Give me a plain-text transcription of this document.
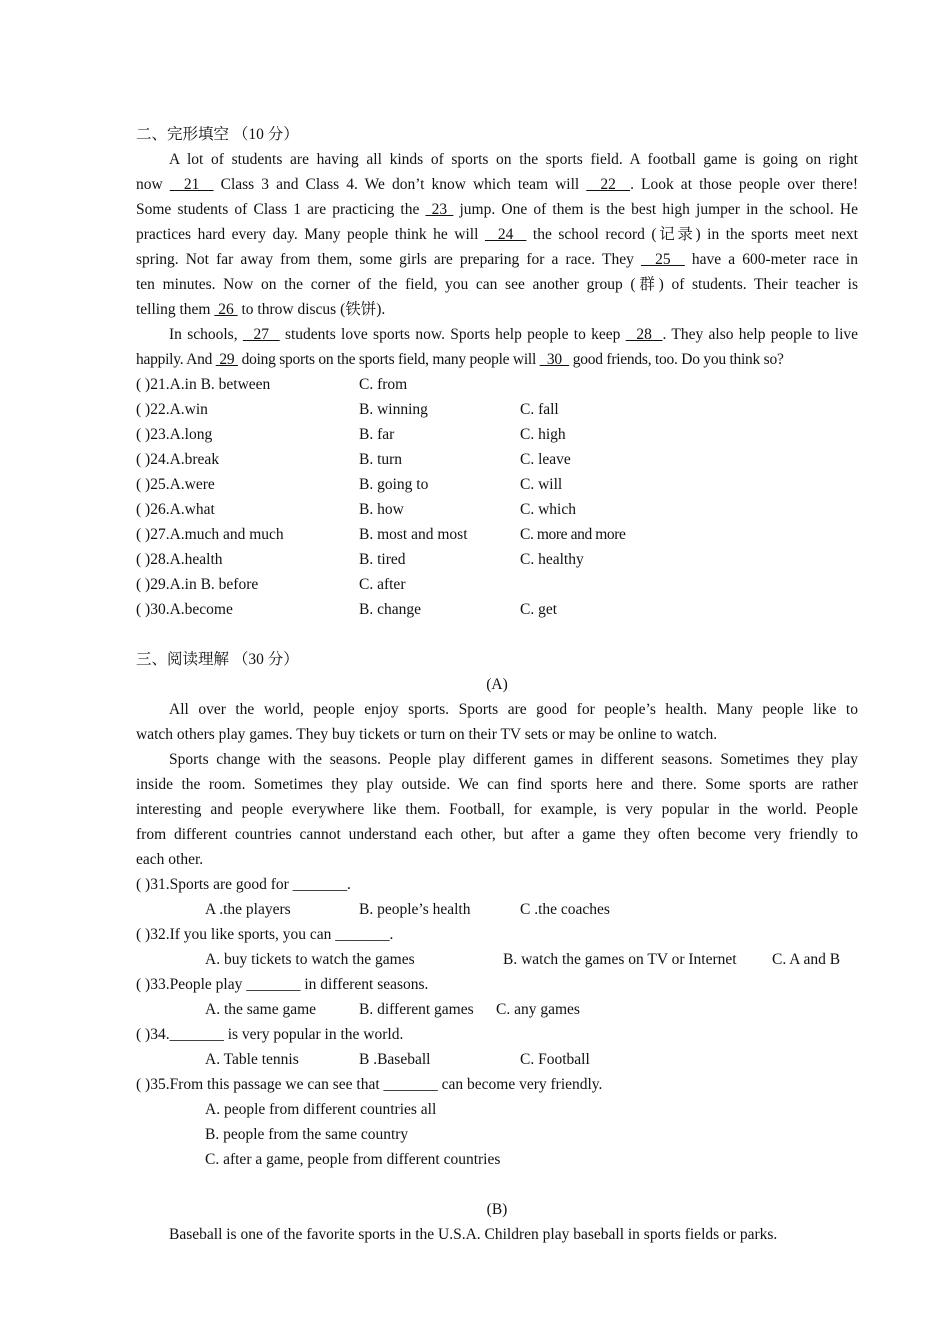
二、完形填空 （10 分）
A lot of students are having all kinds of sports on the sports field. A football game is going on right
now   21   Class 3 and Class 4. We don’t know which team will   22  . Look at those people over there!
Some students of Class 1 are practicing the  23  jump. One of them is the best high jumper in the school. He
practices hard every day. Many people think he will   24   the school record (记录) in the sports meet next
spring. Not far away from them, some girls are preparing for a race. They   25   have a 600-meter race in
ten minutes. Now on the corner of the field, you can see another group (群) of students. Their teacher is
telling them  26  to throw discus (铁饼).
In schools,   27   students love sports now. Sports help people to keep   28  . They also help people to live
happily. And  29  doing sports on the sports field, many people will   30   good friends, too. Do you think so?
( )21.A.in B. between	C. from
( )22.A.win	B. winning	C. fall
( )23.A.long	B. far	C. high
( )24.A.break	B. turn	C. leave
( )25.A.were	B. going to	C. will
( )26.A.what	B. how	C. which
( )27.A.much and much	B. most and most	C. more and more
( )28.A.health	B. tired	C. healthy
( )29.A.in B. before	C. after
( )30.A.become	B. change	C. get
三、阅读理解 （30 分）
(A)
All over the world, people enjoy sports. Sports are good for people’s health. Many people like to
watch others play games. They buy tickets or turn on their TV sets or may be online to watch.
Sports change with the seasons. People play different games in different seasons. Sometimes they play
inside the room. Sometimes they play outside. We can find sports here and there. Some sports are rather
interesting and people everywhere like them. Football, for example, is very popular in the world. People
from different countries cannot understand each other, but after a game they often become very friendly to
each other.
( )31.Sports are good for _______.
A .the players	B. people’s health	C .the coaches
( )32.If you like sports, you can _______.
A. buy tickets to watch the games	B. watch the games on TV or Internet C. A and B
( )33.People play _______ in different seasons.
A. the same game	B. different games C. any games
( )34._______ is very popular in the world.
A. Table tennis	B .Baseball	C. Football
( )35.From this passage we can see that _______ can become very friendly.
A. people from different countries all
B. people from the same country
C. after a game, people from different countries
(B)
Baseball is one of the favorite sports in the U.S.A. Children play baseball in sports fields or parks.
